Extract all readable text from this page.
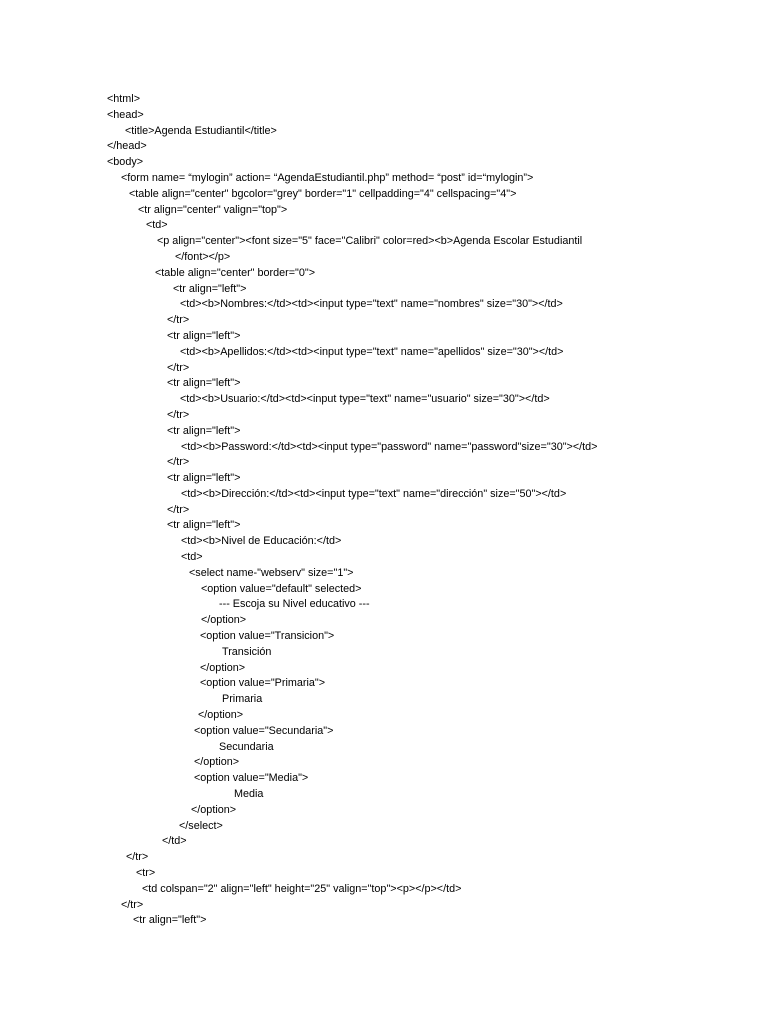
<html>
<head>
<title>Agenda Estudiantil</title>
</head>
<body>
<form name= “mylogin” action= “AgendaEstudiantil.php” method= “post” id=“mylogin”>
<table align="center" bgcolor="grey" border="1" cellpadding="4" cellspacing="4">
<tr align="center" valign="top">
<td>
<p align="center"><font size="5" face="Calibri" color=red><b>Agenda Escolar Estudiantil
</font></p>
<table align="center" border="0">
<tr align="left">
<td><b>Nombres:</td><td><input type="text" name="nombres" size="30"></td>
</tr>
<tr align="left">
<td><b>Apellidos:</td><td><input type="text" name="apellidos" size="30"></td>
</tr>
<tr align="left">
<td><b>Usuario:</td><td><input type="text" name="usuario" size="30"></td>
</tr>
<tr align="left">
<td><b>Password:</td><td><input type="password" name="password"size="30"></td>
</tr>
<tr align="left">
<td><b>Dirección:</td><td><input type="text" name="dirección" size="50"></td>
</tr>
<tr align="left">
<td><b>Nivel de Educación:</td>
<td>
<select name-"webserv" size="1">
<option value="default" selected>
--- Escoja su Nivel educativo ---
</option>
<option value="Transicion">
Transición
</option>
<option value="Primaria">
Primaria
</option>
<option value="Secundaria">
Secundaria
</option>
<option value="Media">
Media
</option>
</select>
</td>
</tr>
<tr>
<td colspan="2" align="left" height="25" valign="top"><p></p></td>
</tr>
<tr align="left">
